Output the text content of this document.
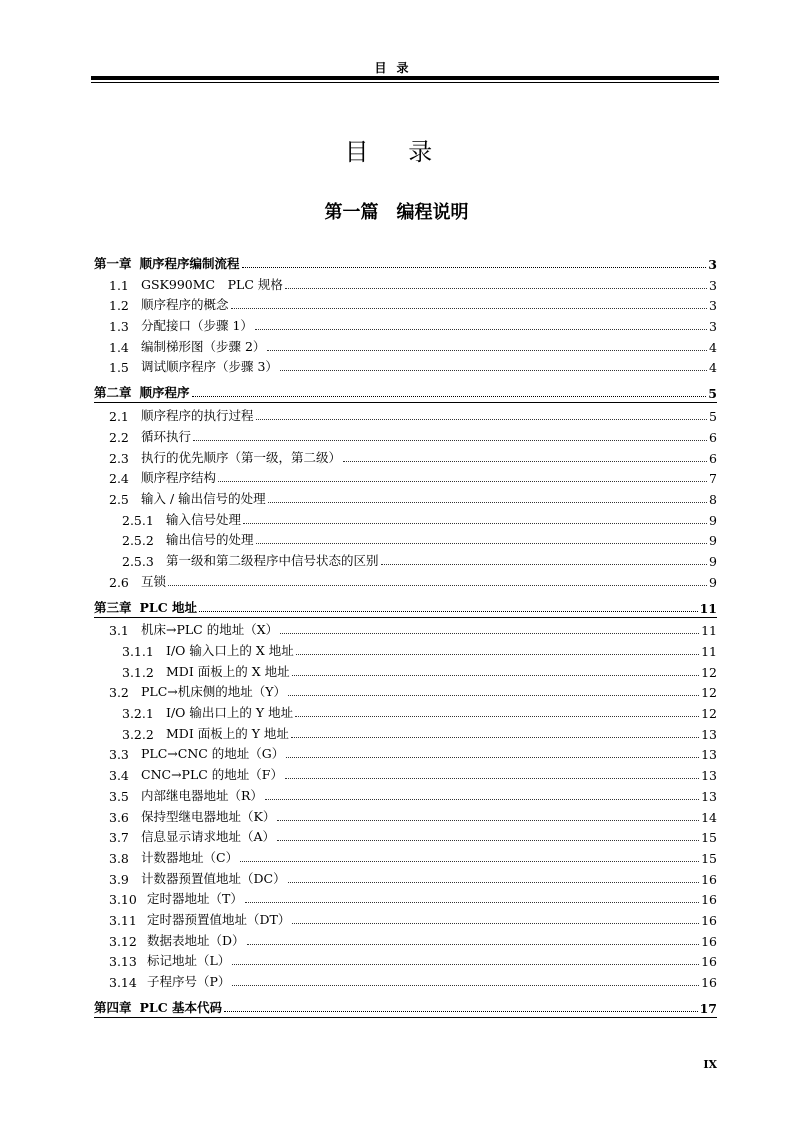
目录
目 录
第一篇　编程说明
第一章 顺序程序编制流程	3
1.1 GSK990MC　PLC 规格	3
1.2 顺序程序的概念	3
1.3 分配接口（步骤 1）	3
1.4 编制梯形图（步骤 2）	4
1.5 调试顺序程序（步骤 3）	4
第二章 顺序程序	5
2.1 顺序程序的执行过程	5
2.2 循环执行	6
2.3 执行的优先顺序（第一级，第二级）	6
2.4 顺序程序结构	7
2.5 输入 / 输出信号的处理	8
2.5.1 输入信号处理	9
2.5.2 输出信号的处理	9
2.5.3 第一级和第二级程序中信号状态的区别	9
2.6 互锁	9
第三章 PLC 地址	11
3.1 机床→PLC 的地址（X）	11
3.1.1 I/O 输入口上的 X 地址	11
3.1.2 MDI 面板上的 X 地址	12
3.2 PLC→机床侧的地址（Y）	12
3.2.1 I/O 输出口上的 Y 地址	12
3.2.2 MDI 面板上的 Y 地址	13
3.3 PLC→CNC 的地址（G）	13
3.4 CNC→PLC 的地址（F）	13
3.5 内部继电器地址（R）	13
3.6 保持型继电器地址（K）	14
3.7 信息显示请求地址（A）	15
3.8 计数器地址（C）	15
3.9 计数器预置值地址（DC）	16
3.10 定时器地址（T）	16
3.11 定时器预置值地址（DT）	16
3.12 数据表地址（D）	16
3.13 标记地址（L）	16
3.14 子程序号（P）	16
第四章 PLC 基本代码	17
IX
